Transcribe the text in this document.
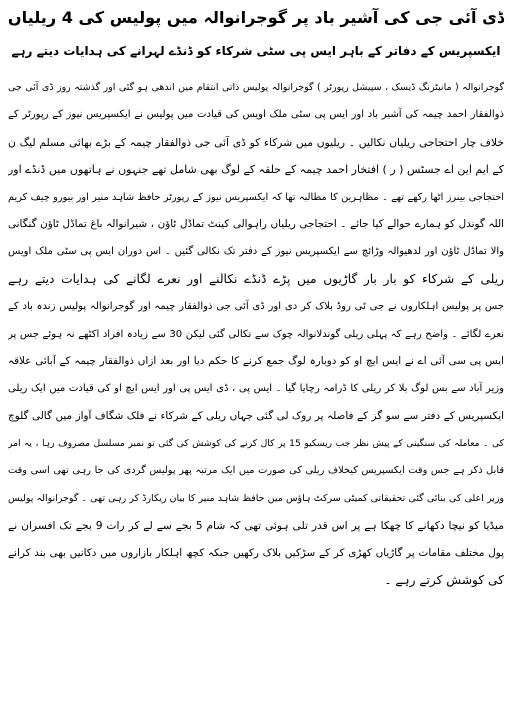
ڈی آئی جی کی آشیر باد پر گوجرانوالہ میں پولیس کی 4 ریلیاں
ایکسپریس کے دفاتر کے باہر ایس پی سٹی شرکاء کو ڈنڈے لہرانے کی ہدایات دیتے رہے
گوجرانوالہ ( مانیٹرنگ ڈیسک ، سپیشل رپورٹر ) گوجرانوالہ پولیس ذاتی انتقام میں اندھی ہو گئی اور گذشتہ روز ڈی آئی جی
ذوالفقار احمد چیمہ کی آشیر باد اور ایس پی سٹی ملک اویس کی قیادت میں پولیس نے ایکسپریس نیوز کے رپورٹر کے
خلاف چار احتجاجی ریلیاں نکالیں ۔ ریلیوں میں شرکاء کو ڈی آئی جی ذوالفقار چیمہ کے بڑے بھائی مسلم لیگ ن
کے ایم این اے جسٹس ( ر ) افتخار احمد چیمہ کے حلقہ کے لوگ بھی شامل تھے جنہوں نے ہاتھوں میں ڈنڈے اور
احتجاجی بینرز اٹھا رکھے تھے ۔ مظاہرین کا مطالبہ تھا کہ ایکسپریس نیوز کے رپورٹر حافظ شاہد منیر اور بیورو چیف کریم
اللہ گوندل کو ہمارے حوالے کیا جائے ۔ احتجاجی ریلیاں راہوالی کینٹ تماڈل ٹاؤن ، شیرانوالہ باغ تماڈل ٹاؤن گنگانی
والا تماڈل ٹاؤن اور لدھیوالہ وڑائچ سے ایکسپریس نیوز کے دفتر تک نکالی گئیں ۔ اس دوران ایس پی سٹی ملک اویس
ریلی کے شرکاء کو بار بار گاڑیوں میں پڑے ڈنڈے نکالنے اور نعرے لگانے کی ہدایات دیتے رہے
جس پر پولیس اہلکاروں نے جی ٹی روڈ بلاک کر دی اور ڈی آئی جی ذوالفقار چیمہ اور گوجرانوالہ پولیس زندہ باد کے
نعرے لگائے ۔ واضح رہے کہ پہلی ریلی گوندلانوالہ چوک سے نکالی گئی لیکن 30 سے زیادہ افراد اکٹھے نہ ہوئے جس پر
ایس پی سی آئی اے نے ایس ایچ او کو دوبارہ لوگ جمع کرنے کا حکم دیا اور بعد ازاں ذوالفقار چیمہ کے آبائی علاقہ
وزیر آباد سے بس لوگ بلا کر ریلی کا ڈرامہ رچایا گیا ۔ ایس پی ، ڈی ایس پی اور ایس ایچ او کی قیادت میں ایک ریلی
ایکسپریس کے دفتر سے سو گز کے فاصلہ پر روک لی گئی جہاں ریلی کے شرکاء نے فلک شگاف آواز میں گالی گلوچ
کی ۔ معاملہ کی سنگینی کے پیش نظر جب ریسکیو 15 پر کال کرنے کی کوشش کی گئی تو نمبر مسلسل مصروف رہا ، یہ امر
قابل ذکر ہے جس وقت ایکسپریس کیخلاف ریلی کی صورت میں ایک مرتبہ پھر پولیس گردی کی جا رہی تھی اسی وقت
وزیر اعلی کی بنائی گئی تحقیقاتی کمیٹی سرکٹ ہاؤس میں حافظ شاہد منیر کا بیان ریکارڈ کر رہی تھی ۔ گوجرانوالہ پولیس
میڈیا کو نیچا دکھانے کا چھکا ہے پر اس قدر تلی ہوئی تھی کہ شام 5 بجے سے لے کر رات 9 بجے تک افسران نے
پول مختلف مقامات پر گاڑیاں کھڑی کر کے سڑکیں بلاک رکھیں جبکہ کچھ اہلکار بازاروں میں دکانیں بھی بند کرانے
کی کوشش کرتے رہے ۔
